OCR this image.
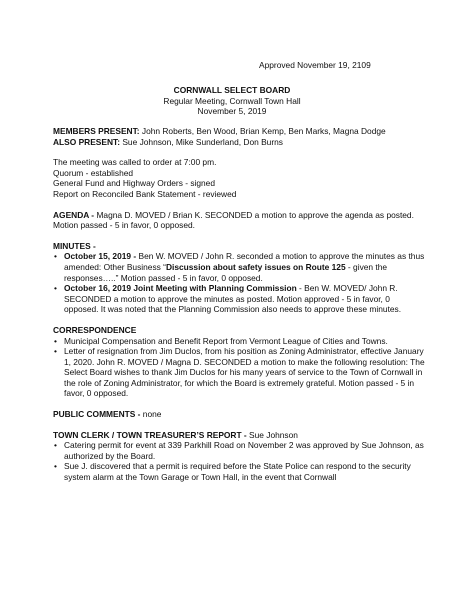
Approved November 19, 2109
CORNWALL SELECT BOARD
Regular Meeting, Cornwall Town Hall
November 5, 2019

MEMBERS PRESENT: John Roberts, Ben Wood, Brian Kemp, Ben Marks, Magna Dodge

ALSO PRESENT: Sue Johnson, Mike Sunderland, Don Burns

The meeting was called to order at 7:00 pm.

Quorum - established

General Fund and Highway Orders - signed

Report on Reconciled Bank Statement - reviewed

AGENDA - Magna D. MOVED / Brian K. SECONDED a motion to approve the agenda as posted. Motion passed - 5 in favor, 0 opposed.

MINUTES -

• October 15, 2019 - Ben W. MOVED / John R. seconded a motion to approve the minutes as thus amended: Other Business “Discussion about safety issues on Route 125 - given the responses…..” Motion passed - 5 in favor, 0 opposed.
• October 16, 2019 Joint Meeting with Planning Commission - Ben W. MOVED/ John R. SECONDED a motion to approve the minutes as posted. Motion approved - 5 in favor, 0 opposed. It was noted that the Planning Commission also needs to approve these minutes.

CORRESPONDENCE

• Municipal Compensation and Benefit Report from Vermont League of Cities and Towns.
• Letter of resignation from Jim Duclos, from his position as Zoning Administrator, effective January 1, 2020. John R. MOVED / Magna D. SECONDED a motion to make the following resolution: The Select Board wishes to thank Jim Duclos for his many years of service to the Town of Cornwall in the role of Zoning Administrator, for which the Board is extremely grateful. Motion passed - 5 in favor, 0 opposed.

PUBLIC COMMENTS - none

TOWN CLERK / TOWN TREASURER’S REPORT - Sue Johnson

• Catering permit for event at 339 Parkhill Road on November 2 was approved by Sue Johnson, as authorized by the Board.
• Sue J. discovered that a permit is required before the State Police can respond to the security system alarm at the Town Garage or Town Hall, in the event that Cornwall
